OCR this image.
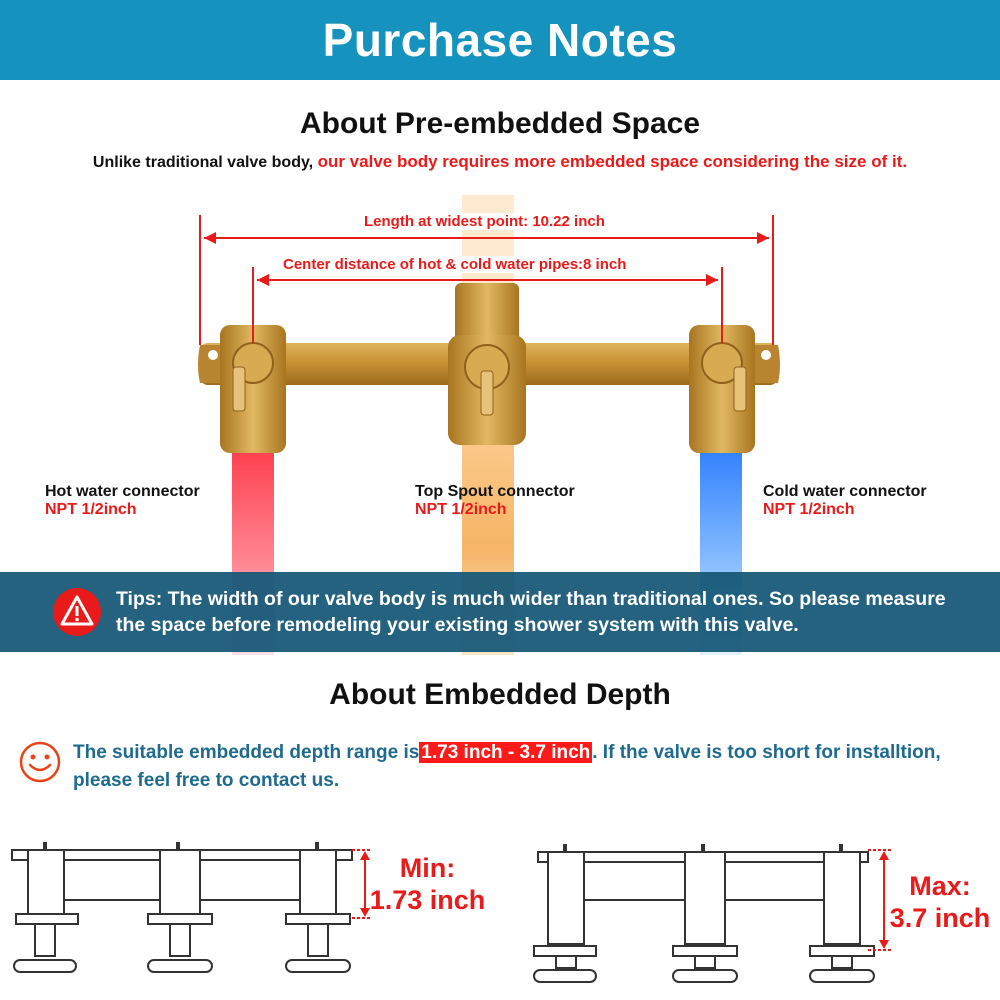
Purchase Notes
About Pre-embedded Space
Unlike traditional valve body, our valve body requires more embedded space considering the size of it.
Length at widest point: 10.22 inch
Center distance of hot & cold water pipes:8 inch
Hot water connector
NPT 1/2inch
Top Spout connector
NPT 1/2inch
Cold water connector
NPT 1/2inch
Tips: The width of our valve body is much wider than traditional ones. So please measure the space before remodeling your existing shower system with this valve.
About Embedded Depth
The suitable embedded depth range is 1.73 inch - 3.7 inch . If the valve is too short for installtion, please feel free to contact us.
Min:
1.73 inch	Max:
3.7 inch
